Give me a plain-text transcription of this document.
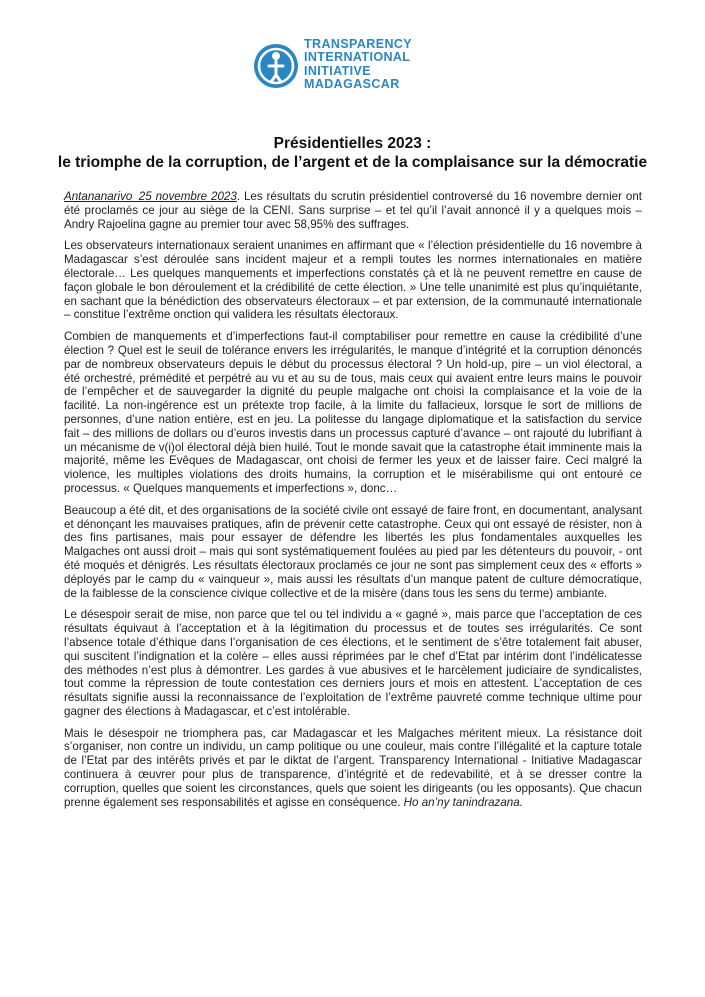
TRANSPARENCY
INTERNATIONAL
INITIATIVE
MADAGASCAR
Présidentielles 2023 :
le triomphe de la corruption, de l’argent et de la complaisance sur la démocratie

Antananarivo_25 novembre 2023. Les résultats du scrutin présidentiel controversé du 16 novembre dernier ont été proclamés ce jour au siège de la CENI. Sans surprise – et tel qu’il l’avait annoncé il y a quelques mois – Andry Rajoelina gagne au premier tour avec 58,95% des suffrages.

Les observateurs internationaux seraient unanimes en affirmant que « l’élection présidentielle du 16 novembre à Madagascar s’est déroulée sans incident majeur et a rempli toutes les normes internationales en matière électorale… Les quelques manquements et imperfections constatés çà et là ne peuvent remettre en cause de façon globale le bon déroulement et la crédibilité de cette élection. » Une telle unanimité est plus qu’inquiétante, en sachant que la bénédiction des observateurs électoraux – et par extension, de la communauté internationale – constitue l’extrême onction qui validera les résultats électoraux.

Combien de manquements et d’imperfections faut-il comptabiliser pour remettre en cause la crédibilité d’une élection ? Quel est le seuil de tolérance envers les irrégularités, le manque d’intégrité et la corruption dénoncés par de nombreux observateurs depuis le début du processus électoral ? Un hold-up, pire – un viol électoral, a été orchestré, prémédité et perpétré au vu et au su de tous, mais ceux qui avaient entre leurs mains le pouvoir de l’empêcher et de sauvegarder la dignité du peuple malgache ont choisi la complaisance et la voie de la facilité. La non-ingérence est un prétexte trop facile, à la limite du fallacieux, lorsque le sort de millions de personnes, d’une nation entière, est en jeu. La politesse du langage diplomatique et la satisfaction du service fait – des millions de dollars ou d’euros investis dans un processus capturé d’avance – ont rajouté du lubrifiant à un mécanisme de v(i)ol électoral déjà bien huilé. Tout le monde savait que la catastrophe était imminente mais la majorité, même les Evêques de Madagascar, ont choisi de fermer les yeux et de laisser faire. Ceci malgré la violence, les multiples violations des droits humains, la corruption et le misérabilisme qui ont entouré ce processus. « Quelques manquements et imperfections », donc…

Beaucoup a été dit, et des organisations de la société civile ont essayé de faire front, en documentant, analysant et dénonçant les mauvaises pratiques, afin de prévenir cette catastrophe. Ceux qui ont essayé de résister, non à des fins partisanes, mais pour essayer de défendre les libertés les plus fondamentales auxquelles les Malgaches ont aussi droit – mais qui sont systématiquement foulées au pied par les détenteurs du pouvoir, - ont été moqués et dénigrés. Les résultats électoraux proclamés ce jour ne sont pas simplement ceux des « efforts » déployés par le camp du « vainqueur », mais aussi les résultats d’un manque patent de culture démocratique, de la faiblesse de la conscience civique collective et de la misère (dans tous les sens du terme) ambiante.

Le désespoir serait de mise, non parce que tel ou tel individu a « gagné », mais parce que l’acceptation de ces résultats équivaut à l’acceptation et à la légitimation du processus et de toutes ses irrégularités. Ce sont l’absence totale d’éthique dans l’organisation de ces élections, et le sentiment de s’être totalement fait abuser, qui suscitent l’indignation et la colère – elles aussi réprimées par le chef d’Etat par intérim dont l’indélicatesse des méthodes n’est plus à démontrer. Les gardes à vue abusives et le harcèlement judiciaire de syndicalistes, tout comme la répression de toute contestation ces derniers jours et mois en attestent. L’acceptation de ces résultats signifie aussi la reconnaissance de l’exploitation de l’extrême pauvreté comme technique ultime pour gagner des élections à Madagascar, et c’est intolérable.

Mais le désespoir ne triomphera pas, car Madagascar et les Malgaches méritent mieux. La résistance doit s’organiser, non contre un individu, un camp politique ou une couleur, mais contre l’illégalité et la capture totale de l’Etat par des intérêts privés et par le diktat de l’argent. Transparency International - Initiative Madagascar continuera à œuvrer pour plus de transparence, d’intégrité et de redevabilité, et à se dresser contre la corruption, quelles que soient les circonstances, quels que soient les dirigeants (ou les opposants). Que chacun prenne également ses responsabilités et agisse en conséquence. Ho an’ny tanindrazana.
